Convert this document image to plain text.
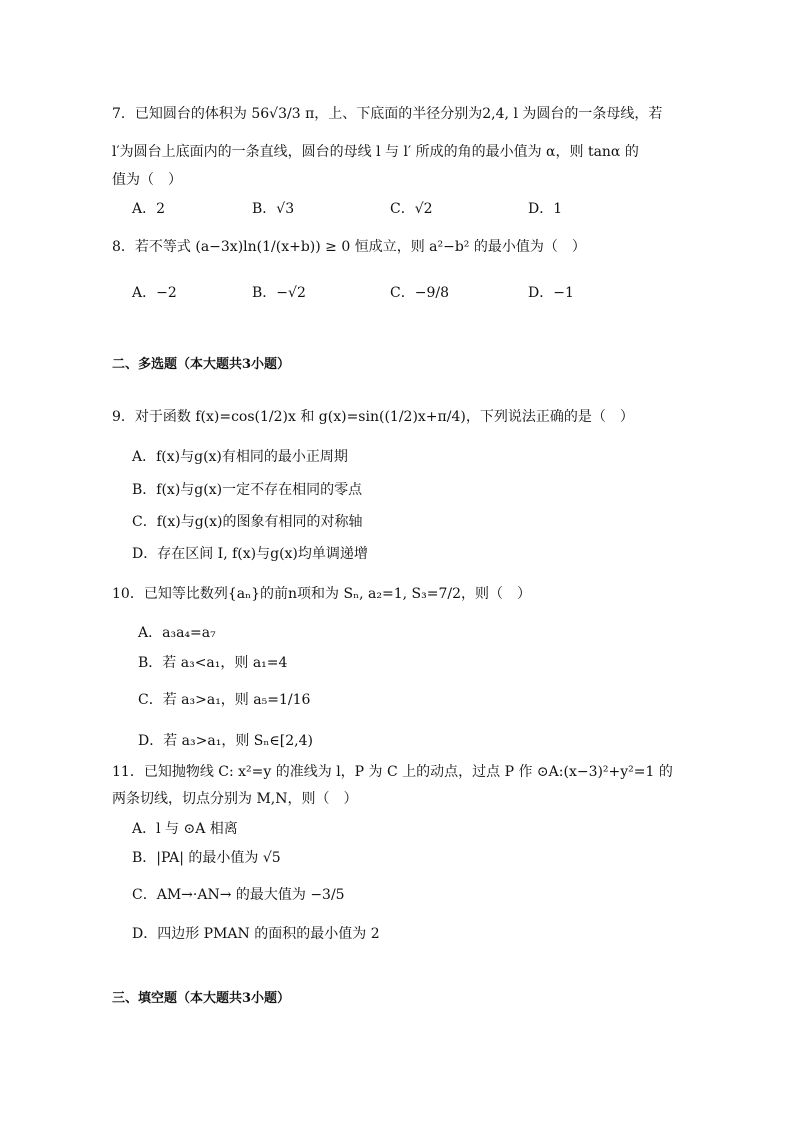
7．已知圆台的体积为 56√3/3 π，上、下底面的半径分别为2,4, l 为圆台的一条母线，若
l′为圆台上底面内的一条直线，圆台的母线 l 与 l′ 所成的角的最小值为 α，则 tanα 的
值为（　）
A．2	B．√3	C．√2	D．1
8．若不等式 (a−3x)ln(1/(x+b)) ≥ 0 恒成立，则 a²−b² 的最小值为（　）
A．−2	B．−√2	C．−9/8	D．−1
二、多选题（本大题共3小题）
9．对于函数 f(x)=cos(1/2)x 和 g(x)=sin((1/2)x+π/4)，下列说法正确的是（　）
A．f(x)与g(x)有相同的最小正周期
B．f(x)与g(x)一定不存在相同的零点
C．f(x)与g(x)的图象有相同的对称轴
D．存在区间 I, f(x)与g(x)均单调递增
10．已知等比数列{aₙ}的前n项和为 Sₙ, a₂=1, S₃=7/2，则（　）
A．a₃a₄=a₇
B．若 a₃<a₁，则 a₁=4
C．若 a₃>a₁，则 a₅=1/16
D．若 a₃>a₁，则 Sₙ∈[2,4)
11．已知抛物线 C: x²=y 的准线为 l，P 为 C 上的动点，过点 P 作 ⊙A:(x−3)²+y²=1 的
两条切线，切点分别为 M,N，则（　）
A．l 与 ⊙A 相离
B．|PA| 的最小值为 √5
C．AM→·AN→ 的最大值为 −3/5
D．四边形 PMAN 的面积的最小值为 2
三、填空题（本大题共3小题）
